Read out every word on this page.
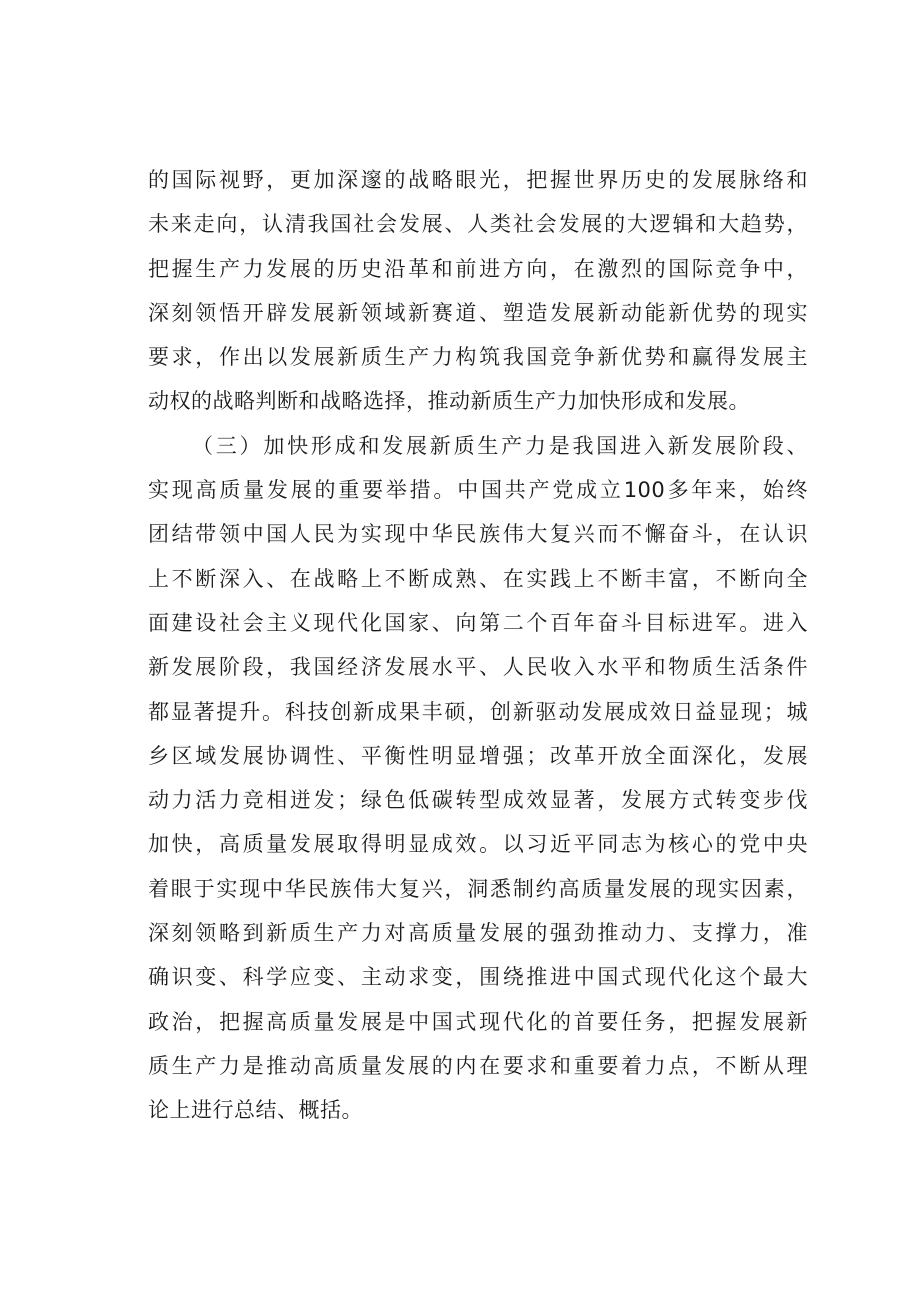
的国际视野，更加深邃的战略眼光，把握世界历史的发展脉络和
未来走向，认清我国社会发展、人类社会发展的大逻辑和大趋势，
把握生产力发展的历史沿革和前进方向，在激烈的国际竞争中，
深刻领悟开辟发展新领域新赛道、塑造发展新动能新优势的现实
要求，作出以发展新质生产力构筑我国竞争新优势和赢得发展主
动权的战略判断和战略选择，推动新质生产力加快形成和发展。
（三）加快形成和发展新质生产力是我国进入新发展阶段、
实现高质量发展的重要举措。中国共产党成立100多年来，始终
团结带领中国人民为实现中华民族伟大复兴而不懈奋斗，在认识
上不断深入、在战略上不断成熟、在实践上不断丰富，不断向全
面建设社会主义现代化国家、向第二个百年奋斗目标进军。进入
新发展阶段，我国经济发展水平、人民收入水平和物质生活条件
都显著提升。科技创新成果丰硕，创新驱动发展成效日益显现；城
乡区域发展协调性、平衡性明显增强；改革开放全面深化，发展
动力活力竞相迸发；绿色低碳转型成效显著，发展方式转变步伐
加快，高质量发展取得明显成效。以习近平同志为核心的党中央
着眼于实现中华民族伟大复兴，洞悉制约高质量发展的现实因素，
深刻领略到新质生产力对高质量发展的强劲推动力、支撑力，准
确识变、科学应变、主动求变，围绕推进中国式现代化这个最大
政治，把握高质量发展是中国式现代化的首要任务，把握发展新
质生产力是推动高质量发展的内在要求和重要着力点，不断从理
论上进行总结、概括。
